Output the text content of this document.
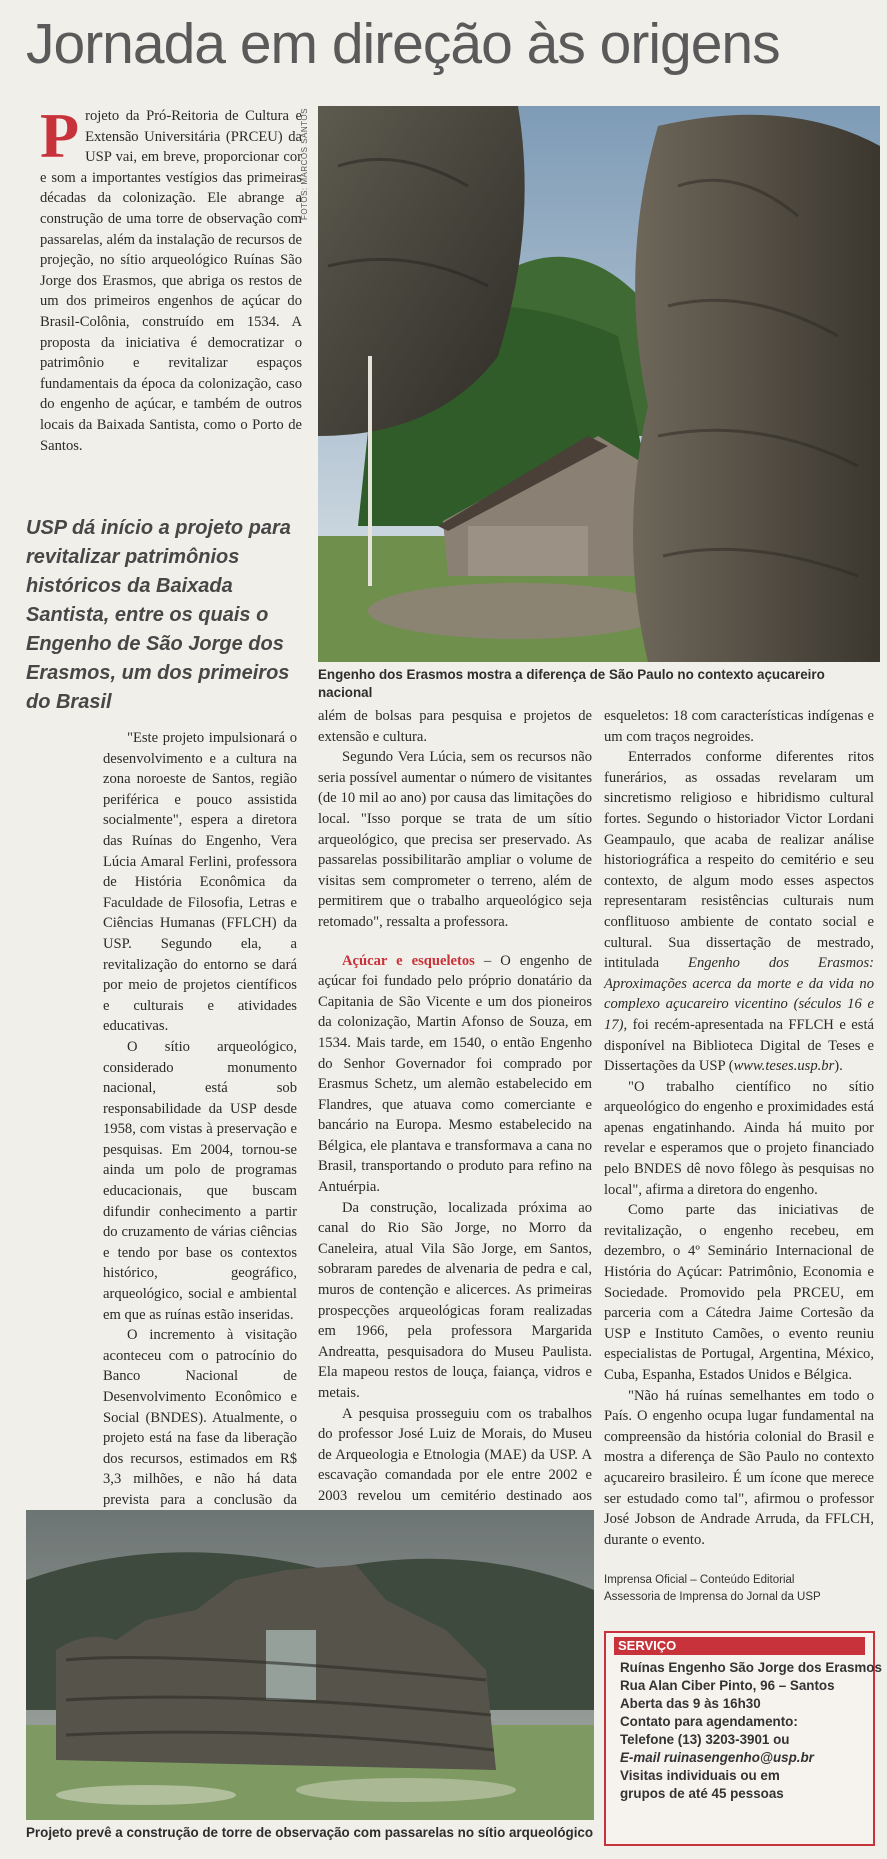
Jornada em direção às origens

Projeto da Pró-Reitoria de Cultura e Extensão Universitária (PRCEU) da USP vai, em breve, proporcionar cor e som a importantes vestígios das primeiras décadas da colonização. Ele abrange a construção de uma torre de observação com passarelas, além da instalação de recursos de projeção, no sítio arqueológico Ruínas São Jorge dos Erasmos, que abriga os restos de um dos primeiros engenhos de açúcar do Brasil-Colônia, construído em 1534. A proposta da iniciativa é democratizar o patrimônio e revitalizar espaços fundamentais da época da colonização, caso do engenho de açúcar, e também de outros locais da Baixada Santista, como o Porto de Santos.

USP dá início a projeto para revitalizar patrimônios históricos da Baixada Santista, entre os quais o Engenho de São Jorge dos Erasmos, um dos primeiros do Brasil
FOTOS: MARCOS SANTOS
Engenho dos Erasmos mostra a diferença de São Paulo no contexto açucareiro nacional

"Este projeto impulsionará o desenvolvimento e a cultura na zona noroeste de Santos, região periférica e pouco assistida socialmente", espera a diretora das Ruínas do Engenho, Vera Lúcia Amaral Ferlini, professora de História Econômica da Faculdade de Filosofia, Letras e Ciências Humanas (FFLCH) da USP. Segundo ela, a revitalização do entorno se dará por meio de projetos científicos e culturais e atividades educativas.

O sítio arqueológico, considerado monumento nacional, está sob responsabilidade da USP desde 1958, com vistas à preservação e pesquisas. Em 2004, tornou-se ainda um polo de programas educacionais, que buscam difundir conhecimento a partir do cruzamento de várias ciências e tendo por base os contextos histórico, geográfico, arqueológico, social e ambiental em que as ruínas estão inseridas.

O incremento à visitação aconteceu com o patrocínio do Banco Nacional de Desenvolvimento Econômico e Social (BNDES). Atualmente, o projeto está na fase da liberação dos recursos, estimados em R$ 3,3 milhões, e não há data prevista para a conclusão da

além de bolsas para pesquisa e projetos de extensão e cultura.

Segundo Vera Lúcia, sem os recursos não seria possível aumentar o número de visitantes (de 10 mil ao ano) por causa das limitações do local. "Isso porque se trata de um sítio arqueológico, que precisa ser preservado. As passarelas possibilitarão ampliar o volume de visitas sem comprometer o terreno, além de permitirem que o trabalho arqueológico seja retomado", ressalta a professora.

Açúcar e esqueletos – O engenho de açúcar foi fundado pelo próprio donatário da Capitania de São Vicente e um dos pioneiros da colonização, Martin Afonso de Souza, em 1534. Mais tarde, em 1540, o então Engenho do Senhor Governador foi comprado por Erasmus Schetz, um alemão estabelecido em Flandres, que atuava como comerciante e bancário na Europa. Mesmo estabelecido na Bélgica, ele plantava e transformava a cana no Brasil, transportando o produto para refino na Antuérpia.

Da construção, localizada próxima ao canal do Rio São Jorge, no Morro da Caneleira, atual Vila São Jorge, em Santos, sobraram paredes de alvenaria de pedra e cal, muros de contenção e alicerces. As primeiras prospecções arqueológicas foram realizadas em 1966, pela professora Margarida Andreatta, pesquisadora do Museu Paulista. Ela mapeou restos de louça, faiança, vidros e metais.

A pesquisa prosseguiu com os trabalhos do professor José Luiz de Morais, do Museu de Arqueologia e Etnologia (MAE) da USP. A escavação comandada por ele entre 2002 e 2003 revelou um cemitério destinado aos

esqueletos: 18 com características indígenas e um com traços negroides.

Enterrados conforme diferentes ritos funerários, as ossadas revelaram um sincretismo religioso e hibridismo cultural fortes. Segundo o historiador Victor Lordani Geampaulo, que acaba de realizar análise historiográfica a respeito do cemitério e seu contexto, de algum modo esses aspectos representaram resistências culturais num conflituoso ambiente de contato social e cultural. Sua dissertação de mestrado, intitulada Engenho dos Erasmos: Aproximações acerca da morte e da vida no complexo açucareiro vicentino (séculos 16 e 17), foi recém-apresentada na FFLCH e está disponível na Biblioteca Digital de Teses e Dissertações da USP (www.teses.usp.br).

"O trabalho científico no sítio arqueológico do engenho e proximidades está apenas engatinhando. Ainda há muito por revelar e esperamos que o projeto financiado pelo BNDES dê novo fôlego às pesquisas no local", afirma a diretora do engenho.

Como parte das iniciativas de revitalização, o engenho recebeu, em dezembro, o 4º Seminário Internacional de História do Açúcar: Patrimônio, Economia e Sociedade. Promovido pela PRCEU, em parceria com a Cátedra Jaime Cortesão da USP e Instituto Camões, o evento reuniu especialistas de Portugal, Argentina, México, Cuba, Espanha, Estados Unidos e Bélgica.

"Não há ruínas semelhantes em todo o País. O engenho ocupa lugar fundamental na compreensão da história colonial do Brasil e mostra a diferença de São Paulo no contexto açucareiro brasileiro. É um ícone que merece ser estudado como tal", afirmou o professor José Jobson de Andrade Arruda, da FFLCH, durante o evento.

Projeto prevê a construção de torre de observação com passarelas no sítio arqueológico
Imprensa Oficial – Conteúdo Editorial
Assessoria de Imprensa do Jornal da USP
SERVIÇO
Ruínas Engenho São Jorge dos Erasmos
Rua Alan Ciber Pinto, 96 – Santos
Aberta das 9 às 16h30
Contato para agendamento:
Telefone (13) 3203-3901 ou
E-mail ruinasengenho@usp.br
Visitas individuais ou em
grupos de até 45 pessoas
